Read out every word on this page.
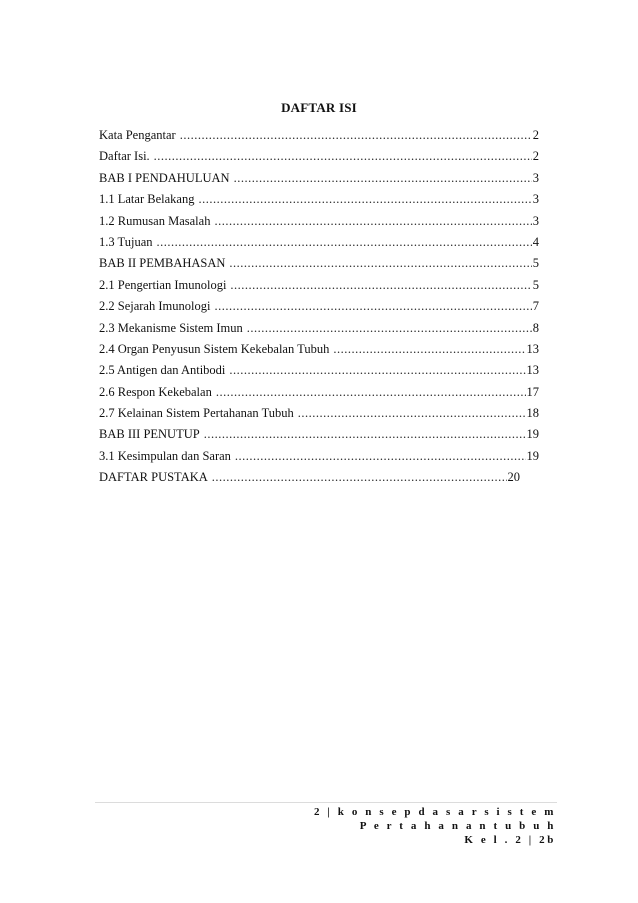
DAFTAR ISI
Kata Pengantar .....	2
Daftar Isi. .....	2
BAB I PENDAHULUAN .....	3
1.1 Latar Belakang .....	3
1.2 Rumusan Masalah .....	3
1.3 Tujuan .....	4
BAB II PEMBAHASAN .....	5
2.1 Pengertian Imunologi .....	5
2.2 Sejarah Imunologi .....	7
2.3 Mekanisme Sistem Imun .....	8
2.4 Organ Penyusun Sistem Kekebalan Tubuh .....	13
2.5 Antigen dan Antibodi .....	13
2.6 Respon Kekebalan .....	17
2.7 Kelainan Sistem Pertahanan Tubuh .....	18
BAB III PENUTUP .....	19
3.1 Kesimpulan dan Saran .....	19
DAFTAR PUSTAKA .....	20
2 | k o n s e p d a s a r s i s t e m
P e r t a h a n a n t u b u h
K e l . 2 | 2b
